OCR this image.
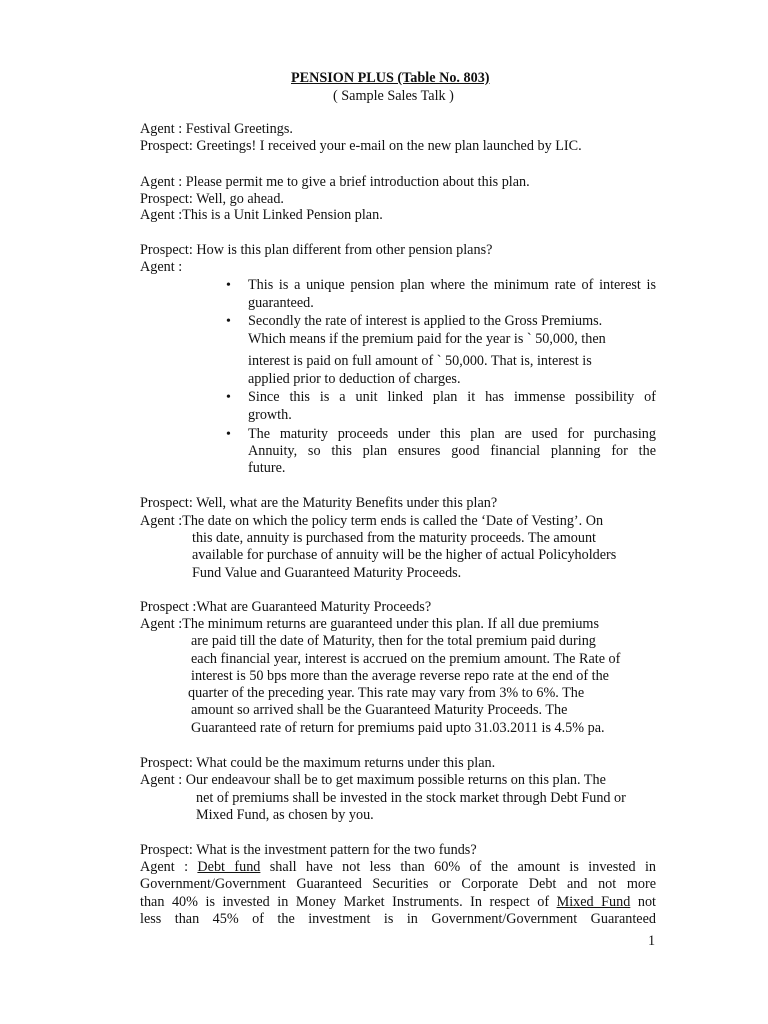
PENSION PLUS (Table No. 803)
( Sample Sales Talk )
Agent : Festival Greetings.
Prospect: Greetings! I received your e-mail on the new plan launched by LIC.
Agent : Please permit me to give a brief introduction about this plan.
Prospect: Well, go ahead.
Agent :This is a Unit Linked Pension plan.
Prospect: How is this plan different from other pension plans?
Agent :
• This is a unique pension plan where the minimum rate of interest is
guaranteed.
• Secondly the rate of interest is applied to the Gross Premiums.
Which means if the premium paid for the year is ` 50,000, then
interest is paid on full amount of ` 50,000. That is, interest is
applied prior to deduction of charges.
• Since this is a unit linked plan it has immense possibility of
growth.
• The maturity proceeds under this plan are used for purchasing
Annuity, so this plan ensures good financial planning for the
future.
Prospect: Well, what are the Maturity Benefits under this plan?
Agent :The date on which the policy term ends is called the ‘Date of Vesting’. On
this date, annuity is purchased from the maturity proceeds. The amount
available for purchase of annuity will be the higher of actual Policyholders
Fund Value and Guaranteed Maturity Proceeds.
Prospect :What are Guaranteed Maturity Proceeds?
Agent :The minimum returns are guaranteed under this plan. If all due premiums
are paid till the date of Maturity, then for the total premium paid during
each financial year, interest is accrued on the premium amount. The Rate of
interest is 50 bps more than the average reverse repo rate at the end of the
quarter of the preceding year. This rate may vary from 3% to 6%. The
amount so arrived shall be the Guaranteed Maturity Proceeds. The
Guaranteed rate of return for premiums paid upto 31.03.2011 is 4.5% pa.
Prospect: What could be the maximum returns under this plan.
Agent : Our endeavour shall be to get maximum possible returns on this plan. The
net of premiums shall be invested in the stock market through Debt Fund or
Mixed Fund, as chosen by you.
Prospect: What is the investment pattern for the two funds?
Agent : Debt fund shall have not less than 60% of the amount is invested in
Government/Government Guaranteed Securities or Corporate Debt and not more
than 40% is invested in Money Market Instruments. In respect of Mixed Fund not
less than 45% of the investment is in Government/Government Guaranteed
1
